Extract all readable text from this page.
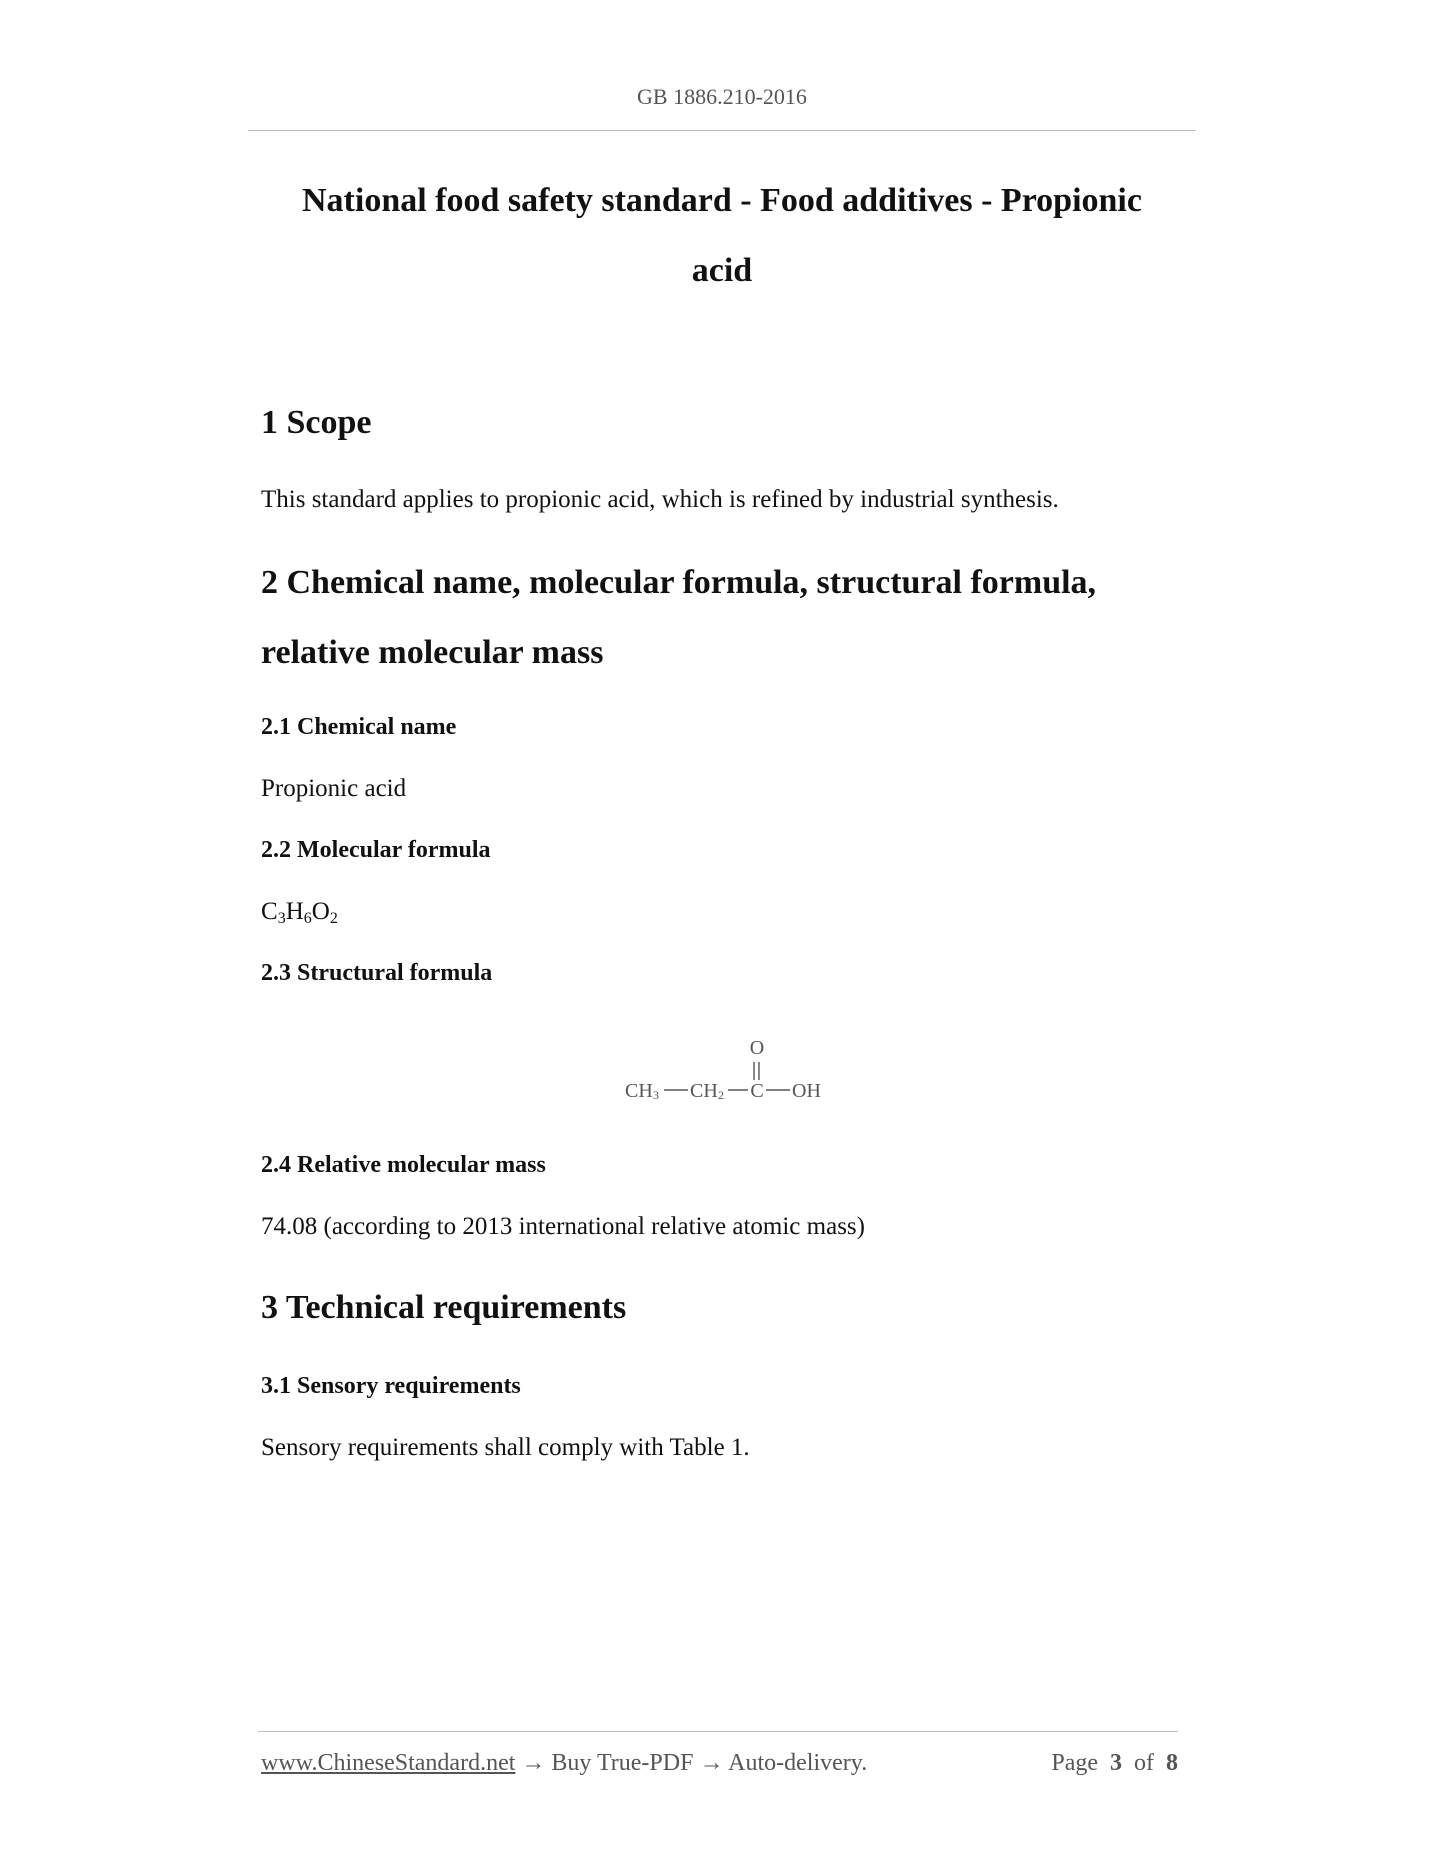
GB 1886.210-2016
National food safety standard - Food additives - Propionic
acid
1 Scope

This standard applies to propionic acid, which is refined by industrial synthesis.

2 Chemical name, molecular formula, structural formula,
relative molecular mass
2.1 Chemical name

Propionic acid

2.2 Molecular formula

$C_3H_6O_2$

2.3 Structural formula
O
CH 3 CH 2 C OH
2.4 Relative molecular mass

74.08 (according to 2013 international relative atomic mass)

3 Technical requirements
3.1 Sensory requirements

Sensory requirements shall comply with Table 1.

www.ChineseStandard.net → Buy True-PDF → Auto-delivery.	Page 3 of 8
